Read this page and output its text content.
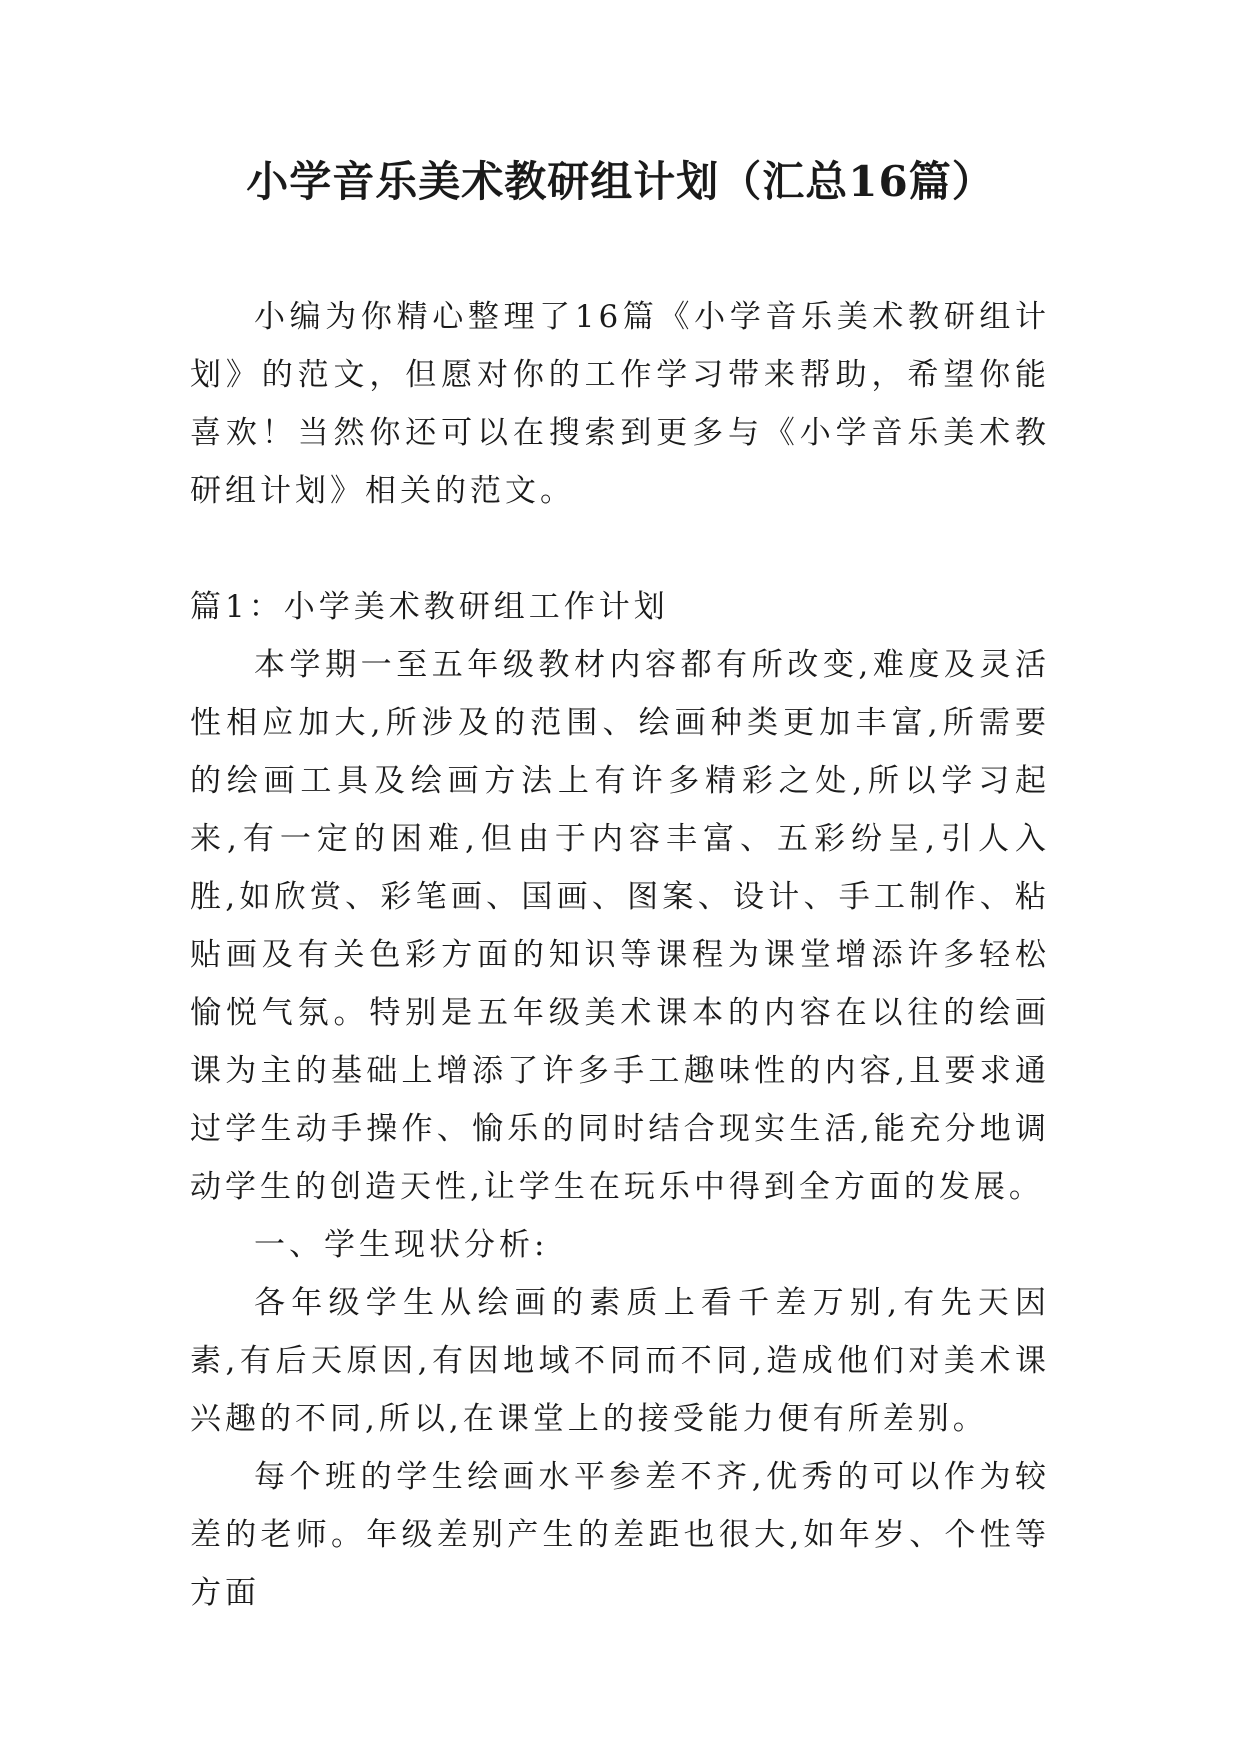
小学音乐美术教研组计划（汇总16篇）

小编为你精心整理了16篇《小学音乐美术教研组计划》的范文，但愿对你的工作学习带来帮助，希望你能喜欢！当然你还可以在搜索到更多与《小学音乐美术教研组计划》相关的范文。

篇1：小学美术教研组工作计划

本学期一至五年级教材内容都有所改变,难度及灵活性相应加大,所涉及的范围、绘画种类更加丰富,所需要的绘画工具及绘画方法上有许多精彩之处,所以学习起来,有一定的困难,但由于内容丰富、五彩纷呈,引人入胜,如欣赏、彩笔画、国画、图案、设计、手工制作、粘贴画及有关色彩方面的知识等课程为课堂增添许多轻松愉悦气氛。特别是五年级美术课本的内容在以往的绘画课为主的基础上增添了许多手工趣味性的内容,且要求通过学生动手操作、愉乐的同时结合现实生活,能充分地调动学生的创造天性,让学生在玩乐中得到全方面的发展。

一、学生现状分析:

各年级学生从绘画的素质上看千差万别,有先天因素,有后天原因,有因地域不同而不同,造成他们对美术课兴趣的不同,所以,在课堂上的接受能力便有所差别。

每个班的学生绘画水平参差不齐,优秀的可以作为较差的老师。年级差别产生的差距也很大,如年岁、个性等方面
